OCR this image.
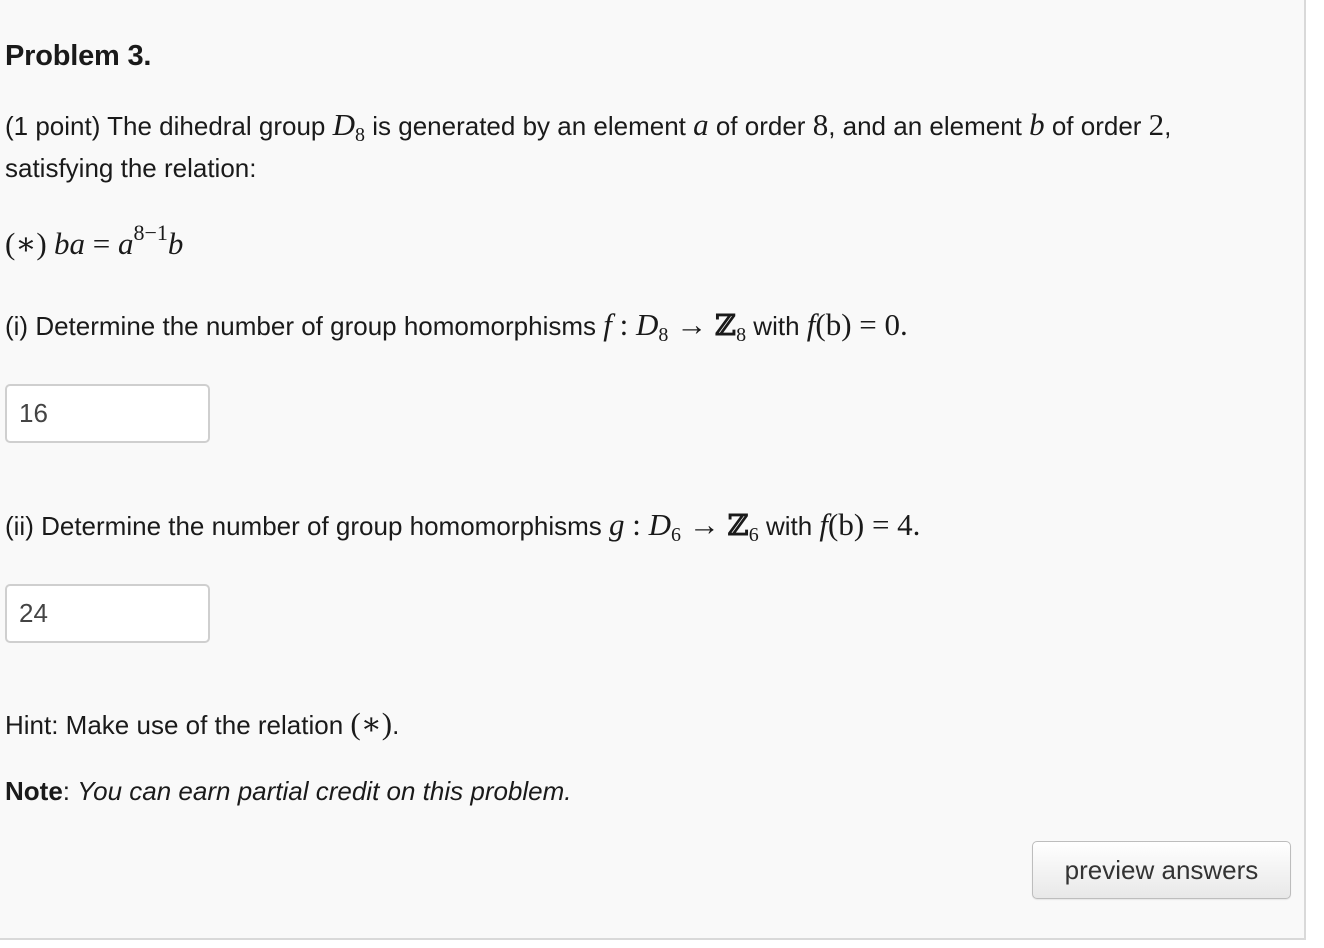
Problem 3.

(1 point) The dihedral group $D_8$ is generated by an element a of order 8, and an element b of order 2,
satisfying the relation:

(∗) ba = $a^{8-1}b$

(i) Determine the number of group homomorphisms f : $D_8$ → ℤ$_8$ with f(b) = 0.

16

(ii) Determine the number of group homomorphisms g : $D_6$ → ℤ$_6$ with f(b) = 4.

24

Hint: Make use of the relation (∗).

Note: You can earn partial credit on this problem.

preview answers
